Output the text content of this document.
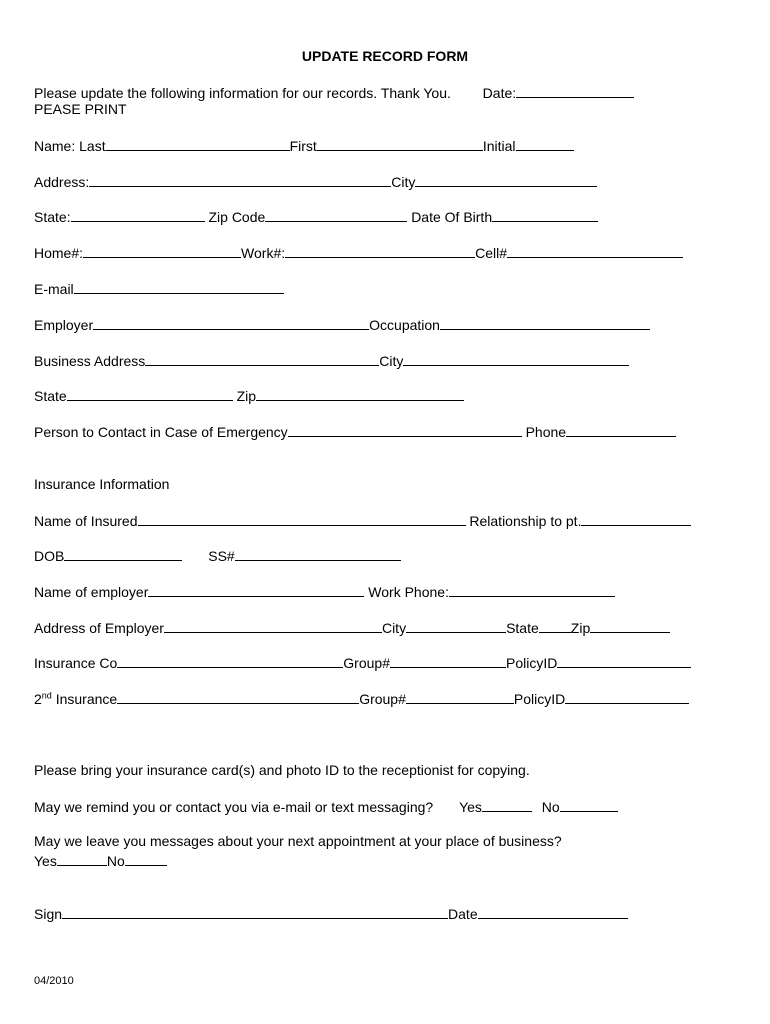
UPDATE RECORD FORM
Please update the following information for our records. Thank You. Date:
PEASE PRINT
Name: Last	First	Initial
Address:	City
State:	Zip Code	Date Of Birth
Home#:	Work#:	Cell#
E-mail
Employer	Occupation
Business Address	City
State	Zip
Person to Contact in Case of Emergency	Phone
Insurance Information
Name of Insured	Relationship to pt.
DOB	SS#
Name of employer	Work Phone:
Address of Employer	City	State Zip
Insurance Co	Group#	PolicyID
2nd Insurance	Group#	PolicyID
Please bring your insurance card(s) and photo ID to the receptionist for copying.
May we remind you or contact you via e-mail or text messaging? Yes	No
May we leave you messages about your next appointment at your place of business?
Yes	No
Sign	Date
04/2010
